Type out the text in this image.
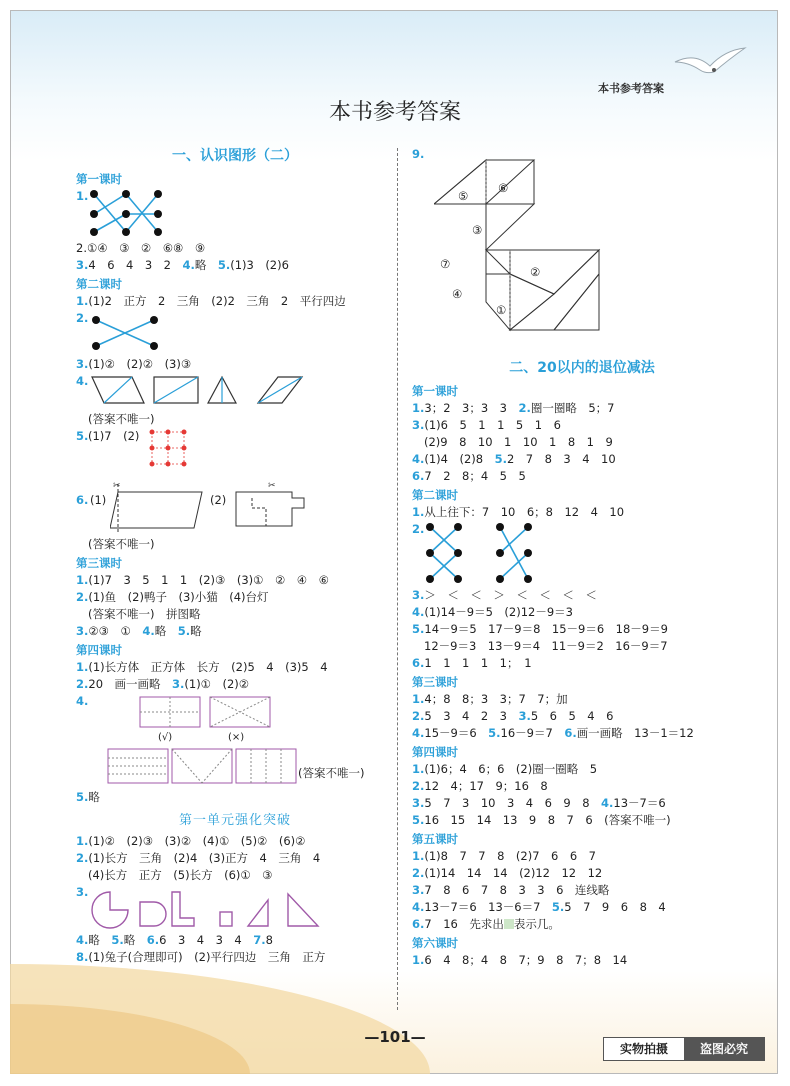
本书参考答案
本书参考答案
一、认识图形（二）
第一课时
1.
2.①④　③　②　⑥⑧　⑨
3.4　6　4　3　2　 4.略　 5.(1)3　(2)6
第二课时
1.(1)2　正方　2　三角　(2)2　三角　2　平行四边
2.
3.(1)②　(2)②　(3)③
4.
(答案不唯一)
5. (1)7　(2)
6. (1)
✂
(2)
✂
(答案不唯一)
第三课时
1.(1)7　3　5　1　1　(2)③　(3)①　②　④　⑥
2.(1)鱼　(2)鸭子　(3)小猫　(4)台灯
(答案不唯一)　拼图略
3.②③　①　 4.略　 5.略
第四课时
1.(1)长方体　正方体　长方　(2)5　4　(3)5　4
2.20　画一画略　 3.(1)①　(2)②
4.
(√)	(×)
(答案不唯一)
5.略
第一单元强化突破
1.(1)②　(2)③　(3)②　(4)①　(5)②　(6)②
2.(1)长方　三角　(2)4　(3)正方　4　三角　4
(4)长方　正方　(5)长方　(6)①　③
3.
4.略　 5.略　 6.6　3　4　3　4　 7.8
8.(1)兔子(合理即可)　(2)平行四边　三角　正方
9.
⑤
⑥
③
⑦
②
④
①
二、20以内的退位减法
第一课时
1.3；2　3；3　3　 2.圈一圈略　5；7
3.(1)6　5　1　1　5　1　6
(2)9　8　10　1　10　1　8　1　9
4.(1)4　(2)8　 5.2　7　8　3　4　10
6.7　2　8；4　5　5
第二课时
1.从上往下：7　10　6；8　12　4　10
2.
3.＞　＜　＜　＞　＜　＜　＜　＜
4.(1)14－9＝5　(2)12－9＝3
5.14－9＝5　17－9＝8　15－9＝6　18－9＝9
12－9＝3　13－9＝4　11－9＝2　16－9＝7
6.1　1　1　1　1；　1
第三课时
1.4；8　8；3　3；7　7；加
2.5　3　4　2　3　 3.5　6　5　4　6
4.15－9＝6　 5.16－9＝7　 6.画一画略　13－1＝12
第四课时
1.(1)6；4　6；6　(2)圈一圈略　5
2.12　4；17　9；16　8
3.5　7　3　10　3　4　6　9　8　 4.13－7＝6
5.16　15　14　13　9　8　7　6　(答案不唯一)
第五课时
1.(1)8　7　7　8　(2)7　6　6　7
2.(1)14　14　14　(2)12　12　12
3.7　8　6　7　8　3　3　6　连线略
4.13－7＝6　13－6＝7　 5.5　7　9　6　8　4
6.7　16　先求出 表示几。
第六课时
1.6　4　8；4　8　7；9　8　7；8　14
—101—
实物拍摄	盗图必究
